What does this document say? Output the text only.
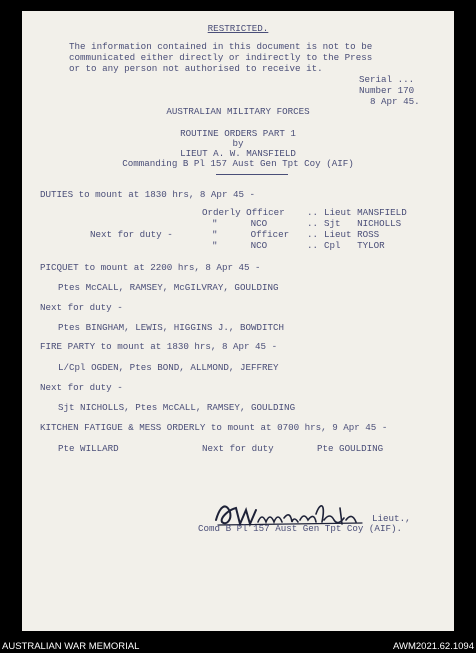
RESTRICTED.
The information contained in this document is not to be
communicated either directly or indirectly to the Press
or to any person not authorised to receive it.
Serial ...
Number 170
8 Apr 45.
AUSTRALIAN MILITARY FORCES
ROUTINE ORDERS PART 1
by
LIEUT A. W. MANSFIELD
Commanding B Pl 157 Aust Gen Tpt Coy (AIF)
DUTIES to mount at 1830 hrs, 8 Apr 45 -
Orderly Officer .. Lieut MANSFIELD
"      NCO	.. Sjt   NICHOLLS
Next for duty -	"      Officer .. Lieut ROSS
"      NCO	.. Cpl   TYLOR
PICQUET to mount at 2200 hrs, 8 Apr 45 -
Ptes McCALL, RAMSEY, McGILVRAY, GOULDING
Next for duty -
Ptes BINGHAM, LEWIS, HIGGINS J., BOWDITCH
FIRE PARTY to mount at 1830 hrs, 8 Apr 45 -
L/Cpl OGDEN, Ptes BOND, ALLMOND, JEFFREY
Next for duty -
Sjt NICHOLLS, Ptes McCALL, RAMSEY, GOULDING
KITCHEN FATIGUE & MESS ORDERLY to mount at 0700 hrs, 9 Apr 45 -
Pte WILLARD	Next for duty	Pte GOULDING
Lieut.,
Comd B Pl 157 Aust Gen Tpt Coy (AIF).
AUSTRALIAN WAR MEMORIAL	AWM2021.62.1094
